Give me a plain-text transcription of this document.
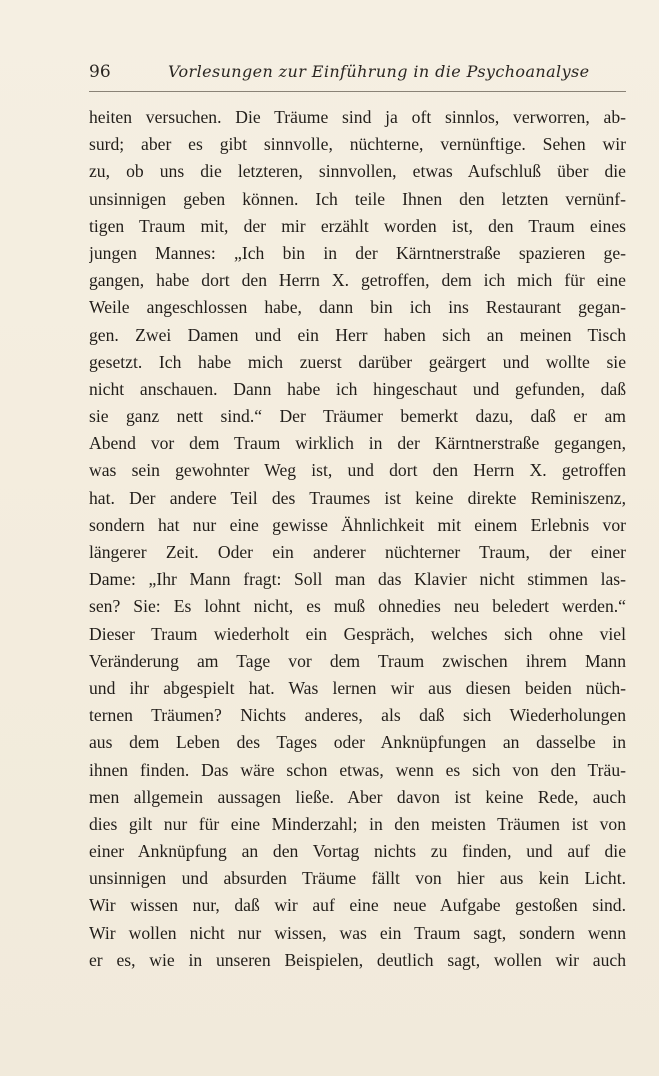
96	Vorlesungen zur Einführung in die Psychoanalyse
heiten versuchen. Die Träume sind ja oft sinnlos, verworren, ab-
surd; aber es gibt sinnvolle, nüchterne, vernünftige. Sehen wir
zu, ob uns die letzteren, sinnvollen, etwas Aufschluß über die
unsinnigen geben können. Ich teile Ihnen den letzten vernünf-
tigen Traum mit, der mir erzählt worden ist, den Traum eines
jungen Mannes: „Ich bin in der Kärntnerstraße spazieren ge-
gangen, habe dort den Herrn X. getroffen, dem ich mich für eine
Weile angeschlossen habe, dann bin ich ins Restaurant gegan-
gen. Zwei Damen und ein Herr haben sich an meinen Tisch
gesetzt. Ich habe mich zuerst darüber geärgert und wollte sie
nicht anschauen. Dann habe ich hingeschaut und gefunden, daß
sie ganz nett sind.“ Der Träumer bemerkt dazu, daß er am
Abend vor dem Traum wirklich in der Kärntnerstraße gegangen,
was sein gewohnter Weg ist, und dort den Herrn X. getroffen
hat. Der andere Teil des Traumes ist keine direkte Reminiszenz,
sondern hat nur eine gewisse Ähnlichkeit mit einem Erlebnis vor
längerer Zeit. Oder ein anderer nüchterner Traum, der einer
Dame: „Ihr Mann fragt: Soll man das Klavier nicht stimmen las-
sen? Sie: Es lohnt nicht, es muß ohnedies neu beledert werden.“
Dieser Traum wiederholt ein Gespräch, welches sich ohne viel
Veränderung am Tage vor dem Traum zwischen ihrem Mann
und ihr abgespielt hat. Was lernen wir aus diesen beiden nüch-
ternen Träumen? Nichts anderes, als daß sich Wiederholungen
aus dem Leben des Tages oder Anknüpfungen an dasselbe in
ihnen finden. Das wäre schon etwas, wenn es sich von den Träu-
men allgemein aussagen ließe. Aber davon ist keine Rede, auch
dies gilt nur für eine Minderzahl; in den meisten Träumen ist von
einer Anknüpfung an den Vortag nichts zu finden, und auf die
unsinnigen und absurden Träume fällt von hier aus kein Licht.
Wir wissen nur, daß wir auf eine neue Aufgabe gestoßen sind.
Wir wollen nicht nur wissen, was ein Traum sagt, sondern wenn
er es, wie in unseren Beispielen, deutlich sagt, wollen wir auch
